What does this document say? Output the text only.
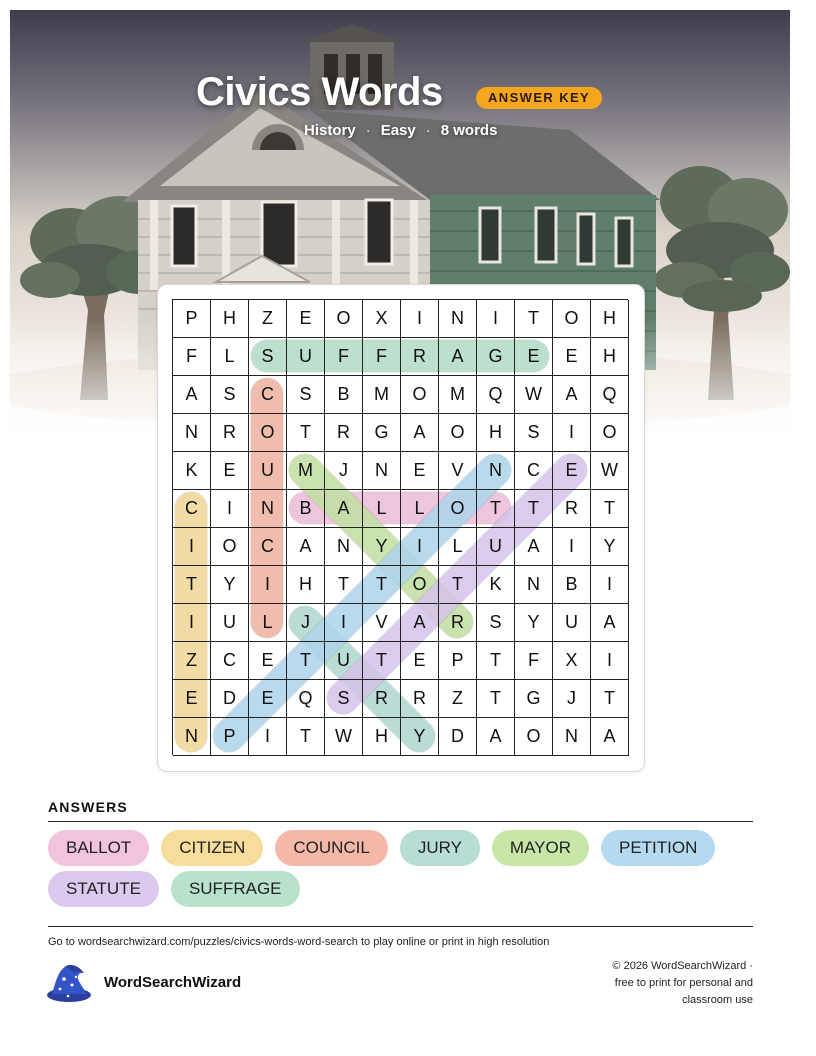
Civics Words	ANSWER KEY
History · Easy · 8 words
P	H	Z	E	O	X	I	N	I	T	O	H
F	L	S	U	F	F	R	A	G	E	E	H
A	S	C	S	B	M	O	M	Q	W	A	Q
N	R	O	T	R	G	A	O	H	S	I	O
K	E	U	M	J	N	E	V	N	C	E	W
C	I	N	B	A	L	L	O	T	T	R	T
I	O	C	A	N	Y	I	L	U	A	I	Y
T	Y	I	H	T	T	O	T	K	N	B	I
I	U	L	J	I	V	A	R	S	Y	U	A
Z	C	E	T	U	T	E	P	T	F	X	I
E	D	E	Q	S	R	R	Z	T	G	J	T
N	P	I	T	W	H	Y	D	A	O	N	A
ANSWERS
BALLOT	CITIZEN	COUNCIL	JURY	MAYOR	PETITION
STATUTE	SUFFRAGE
Go to wordsearchwizard.com/puzzles/civics-words-word-search to play online or print in high resolution
WordSearchWizard
© 2026 WordSearchWizard ·
free to print for personal and
classroom use
